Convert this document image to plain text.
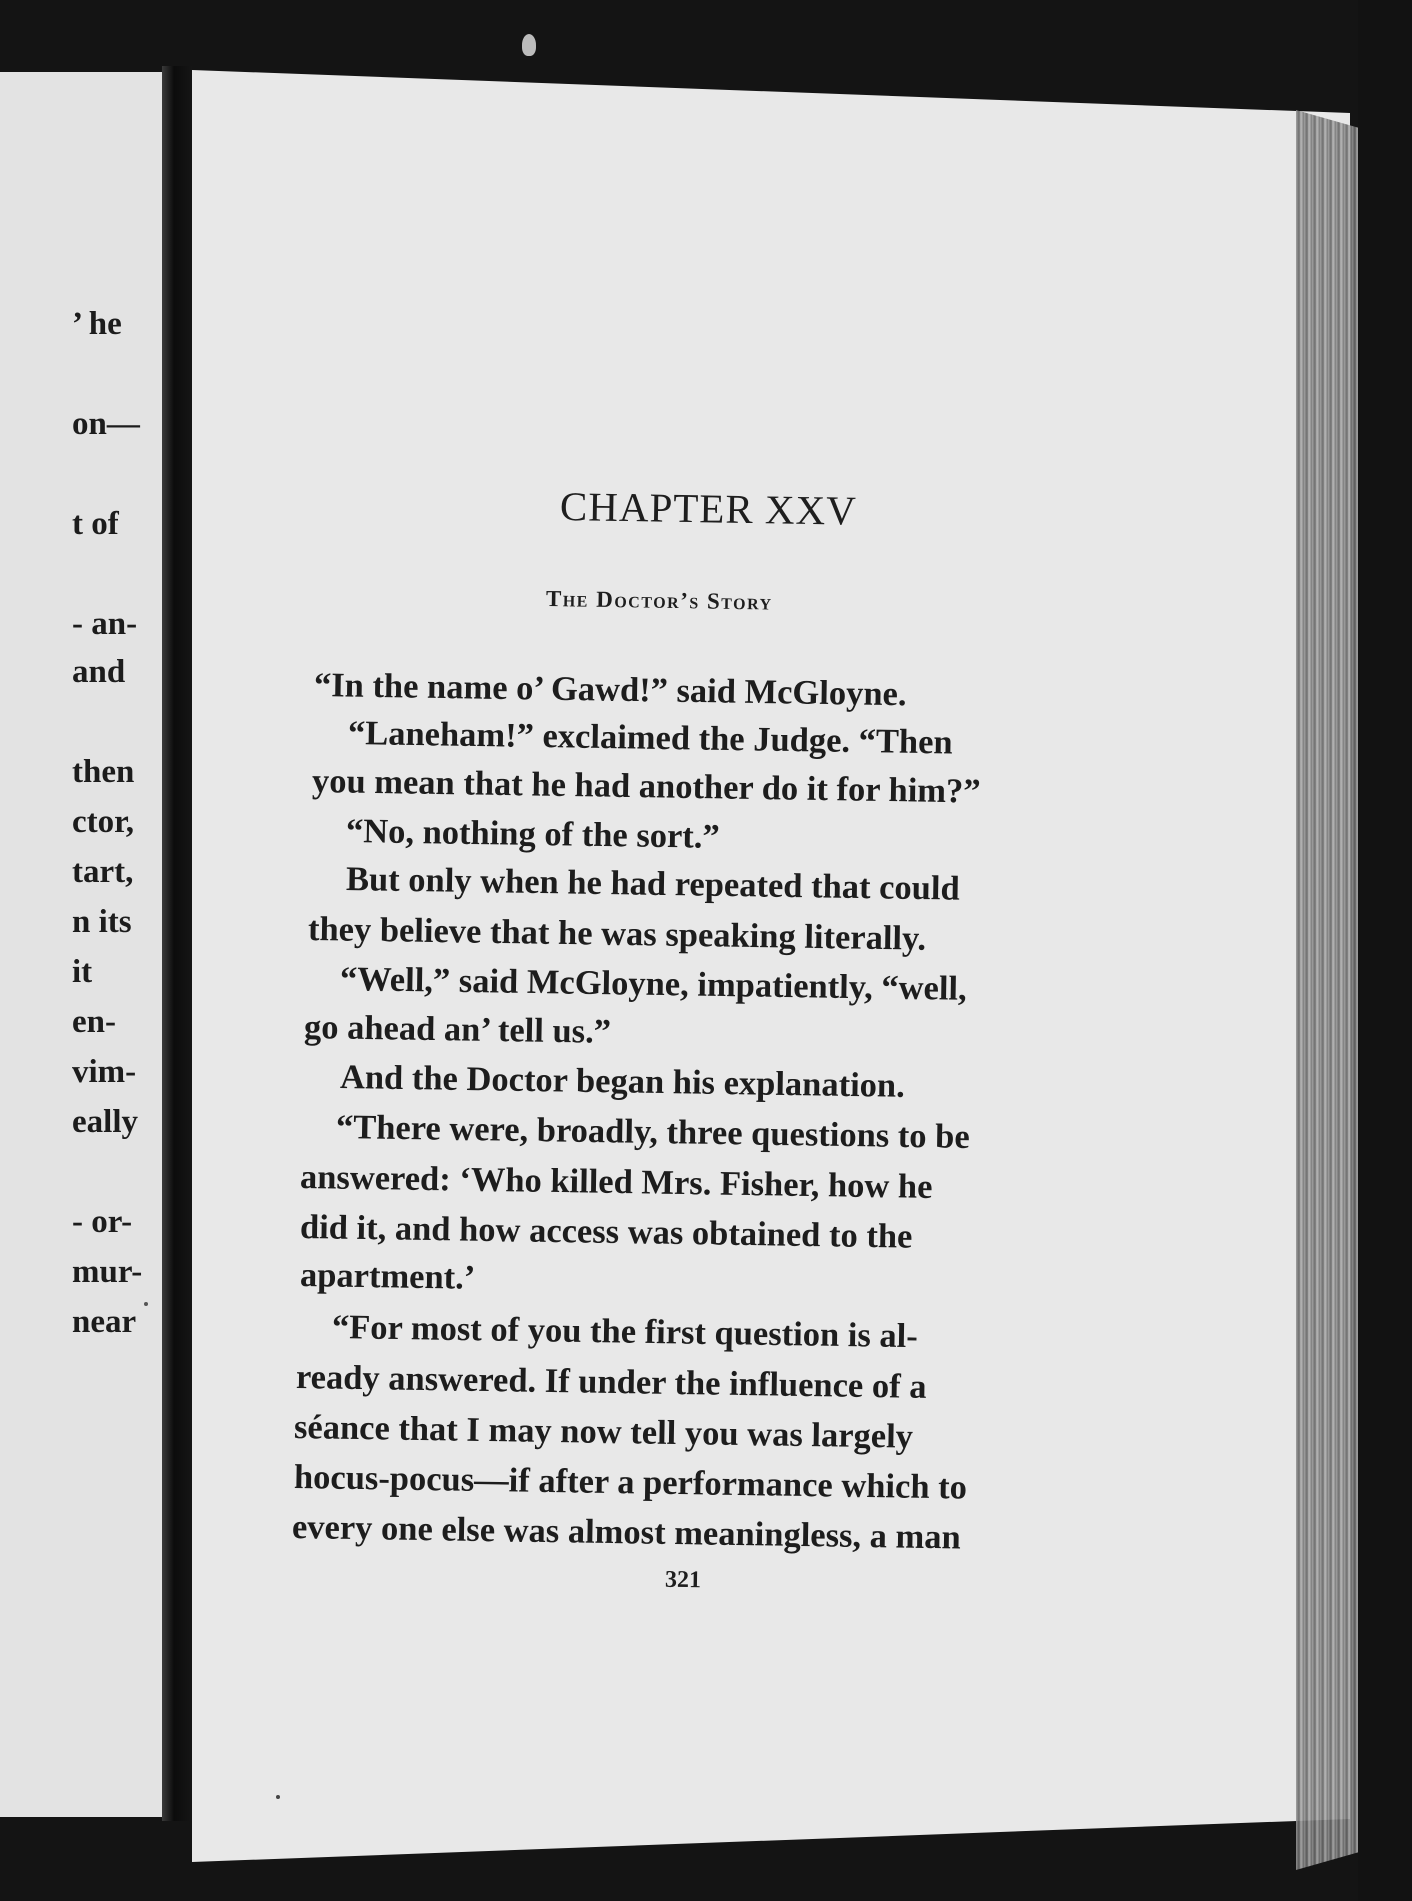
’ he
on—
t of
- an-
and
then
ctor,
tart,
n its
it
en-
vim-
eally
- or-
mur-
near
CHAPTER XXV
The Doctor’s Story
“In the name o’ Gawd!” said McGloyne.
“Laneham!” exclaimed the Judge. “Then
you mean that he had another do it for him?”
“No, nothing of the sort.”
But only when he had repeated that could
they believe that he was speaking literally.
“Well,” said McGloyne, impatiently, “well,
go ahead an’ tell us.”
And the Doctor began his explanation.
“There were, broadly, three questions to be
answered: ‘Who killed Mrs. Fisher, how he
did it, and how access was obtained to the
apartment.’
“For most of you the first question is al-
ready answered. If under the influence of a
séance that I may now tell you was largely
hocus-pocus—if after a performance which to
every one else was almost meaningless, a man
321
